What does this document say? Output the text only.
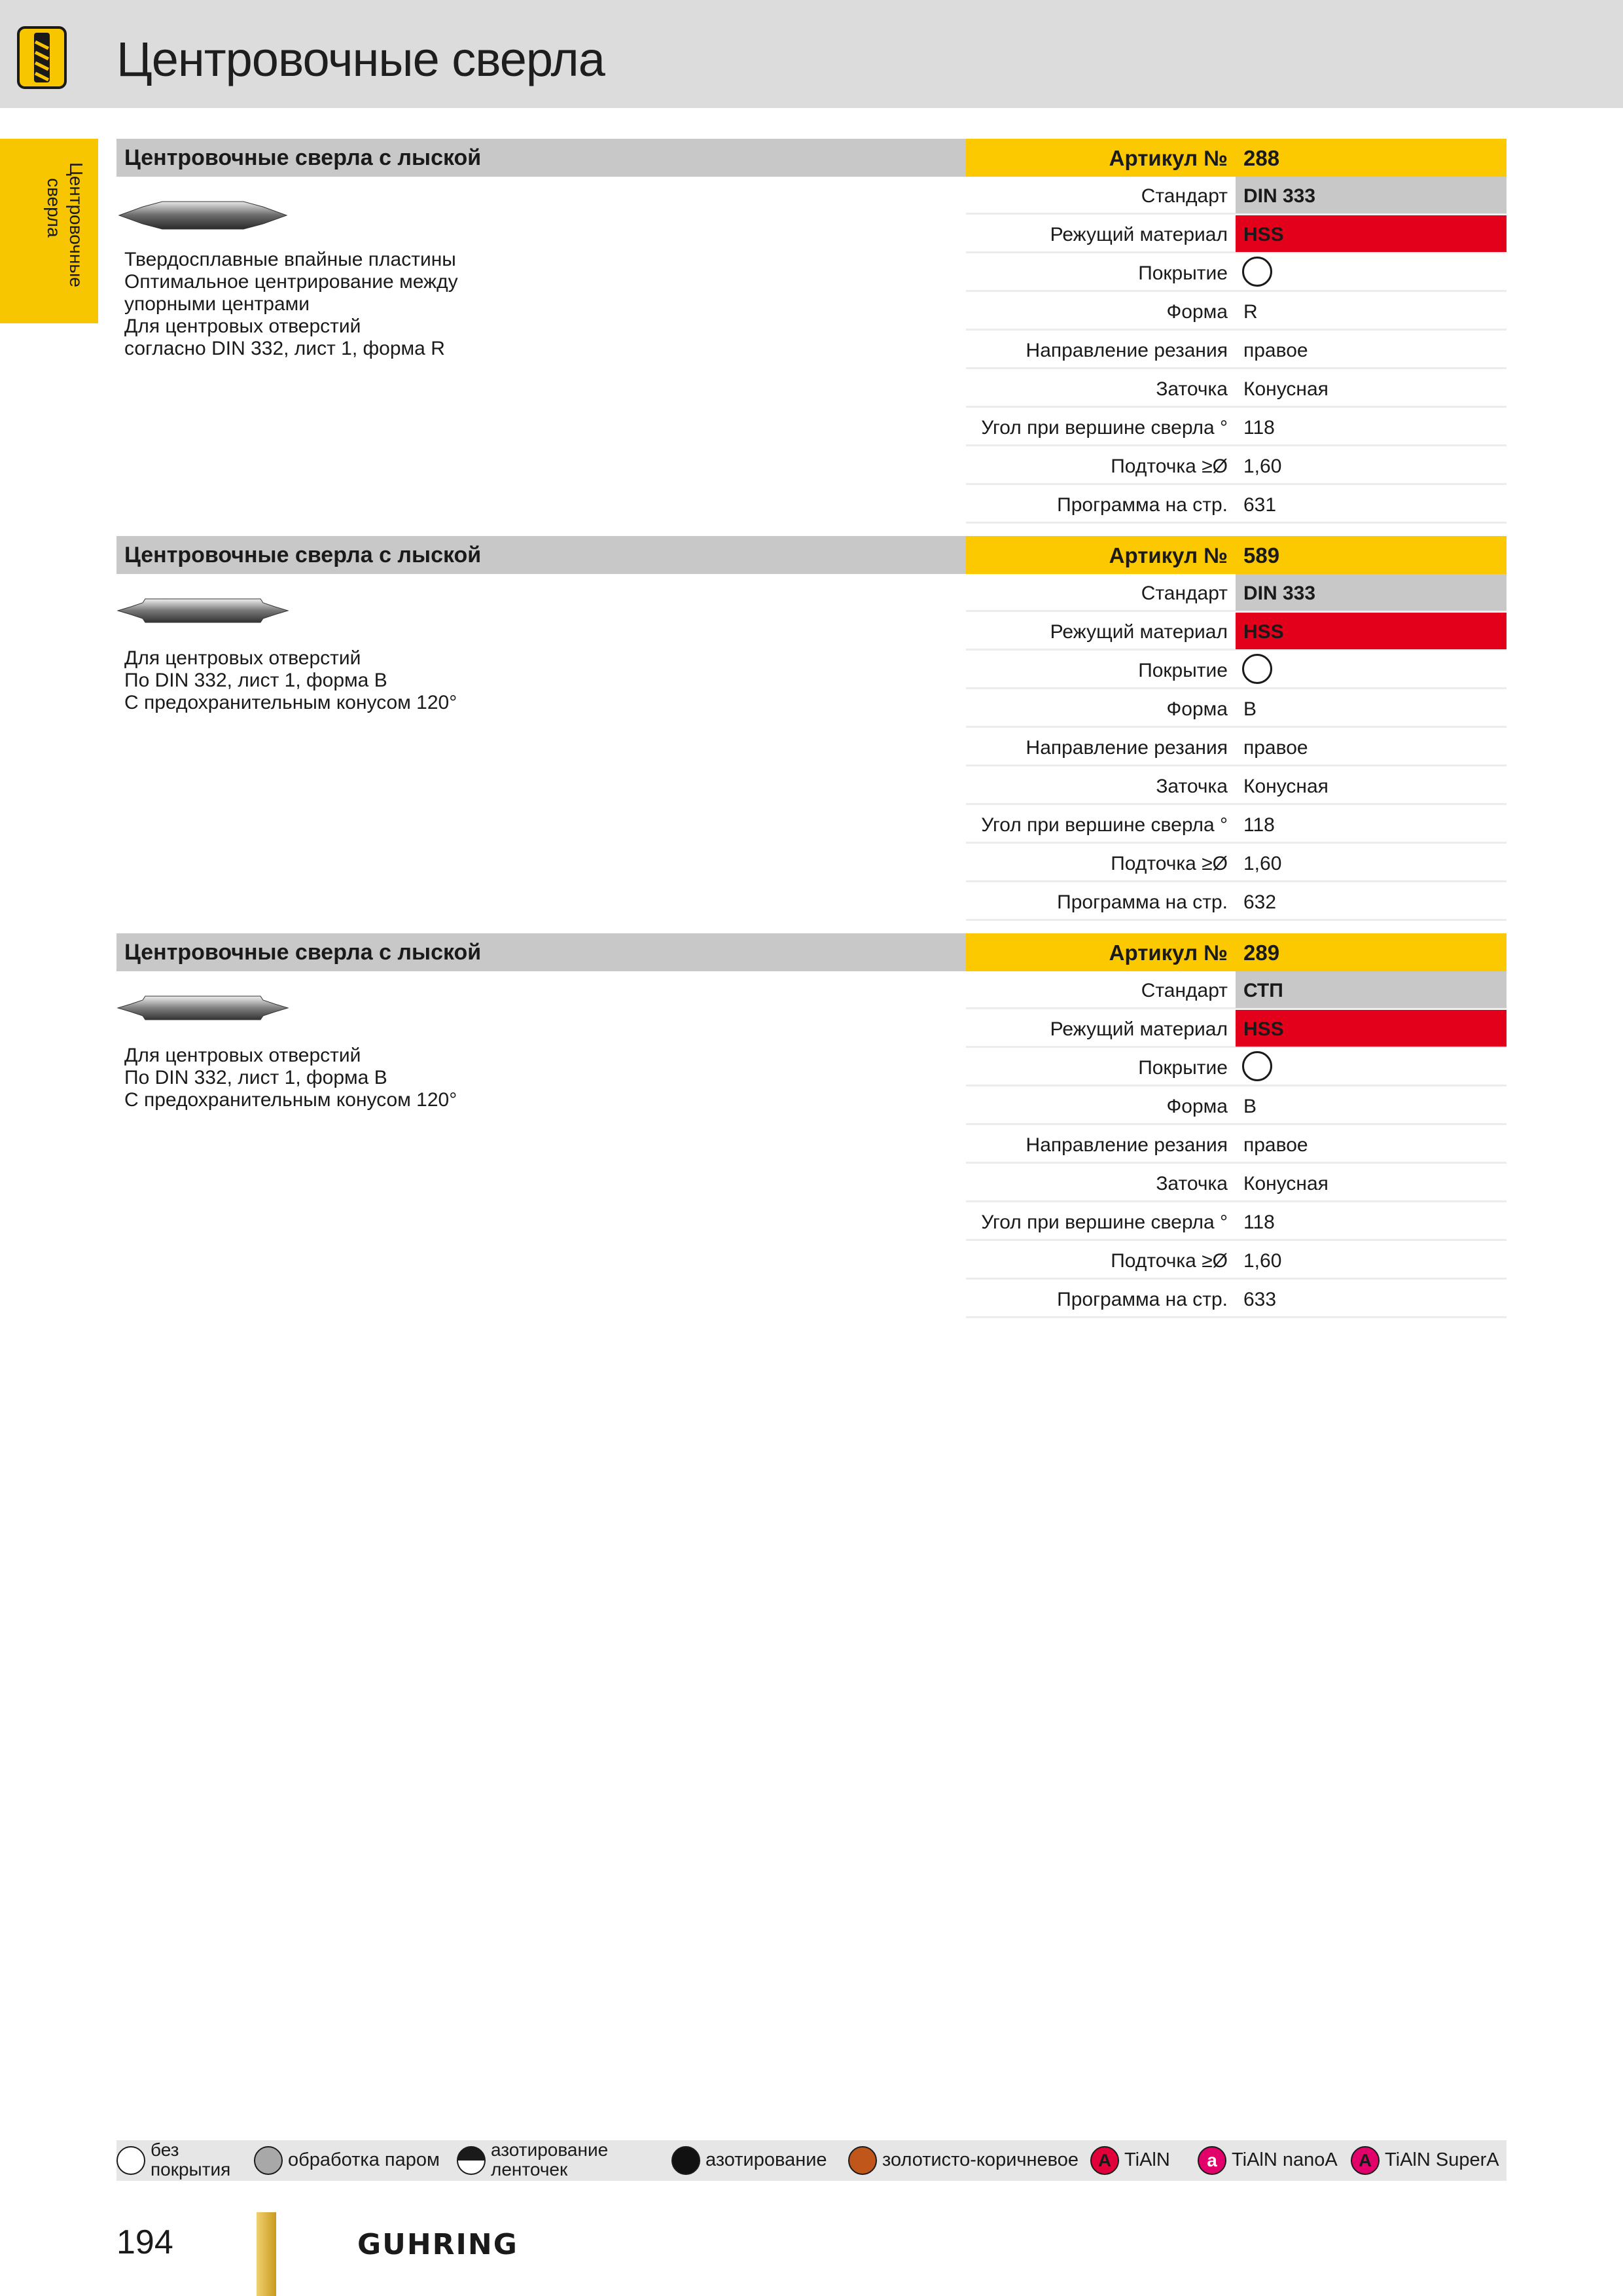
Центровочные сверла
Центровочные
сверла
Центровочные сверла с лыской
Твердосплавные впайные пластины
Оптимальное центрирование между
упорными центрами
Для центровых отверстий
согласно DIN 332, лист 1, форма R
Артикул № 288
Стандарт DIN 333
Режущий материал HSS
Покрытие
Форма R
Направление резания правое
Заточка Конусная
Угол при вершине сверла ° 118
Подточка ≥Ø 1,60
Программа на стр. 631
Центровочные сверла с лыской
Для центровых отверстий
По DIN 332, лист 1, форма В
С предохранительным конусом 120°
Артикул № 589
Стандарт DIN 333
Режущий материал HSS
Покрытие
Форма B
Направление резания правое
Заточка Конусная
Угол при вершине сверла ° 118
Подточка ≥Ø 1,60
Программа на стр. 632
Центровочные сверла с лыской
Для центровых отверстий
По DIN 332, лист 1, форма В
С предохранительным конусом 120°
Артикул № 289
Стандарт СТП
Режущий материал HSS
Покрытие
Форма B
Направление резания правое
Заточка Конусная
Угол при вершине сверла ° 118
Подточка ≥Ø 1,60
Программа на стр. 633
без
покрытия	обработка паром	азотирование
ленточек	азотирование	золотисто-коричневое	A TiAlN	a TiAlN nanoA	A TiAlN SuperA
194	GUHRING
